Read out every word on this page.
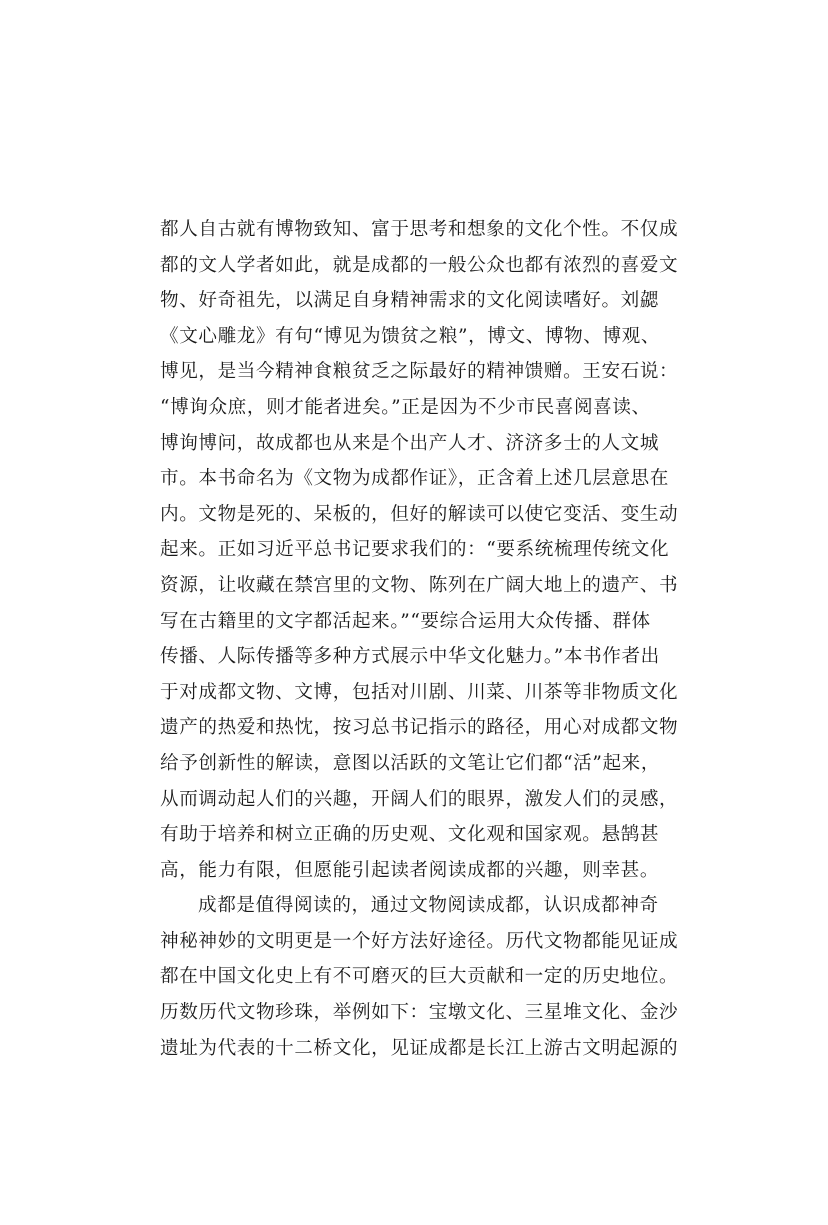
都人自古就有博物致知、富于思考和想象的文化个性。不仅成
都的文人学者如此，就是成都的一般公众也都有浓烈的喜爱文
物、好奇祖先，以满足自身精神需求的文化阅读嗜好。刘勰
《文心雕龙》有句“博见为馈贫之粮”，博文、博物、博观、
博见，是当今精神食粮贫乏之际最好的精神馈赠。王安石说：
“博询众庶，则才能者进矣。”正是因为不少市民喜阅喜读、
博询博问，故成都也从来是个出产人才、济济多士的人文城
市。本书命名为《文物为成都作证》，正含着上述几层意思在
内。文物是死的、呆板的，但好的解读可以使它变活、变生动
起来。正如习近平总书记要求我们的：“要系统梳理传统文化
资源，让收藏在禁宫里的文物、陈列在广阔大地上的遗产、书
写在古籍里的文字都活起来。”“要综合运用大众传播、群体
传播、人际传播等多种方式展示中华文化魅力。”本书作者出
于对成都文物、文博，包括对川剧、川菜、川茶等非物质文化
遗产的热爱和热忱，按习总书记指示的路径，用心对成都文物
给予创新性的解读，意图以活跃的文笔让它们都“活”起来，
从而调动起人们的兴趣，开阔人们的眼界，激发人们的灵感，
有助于培养和树立正确的历史观、文化观和国家观。悬鹄甚
高，能力有限，但愿能引起读者阅读成都的兴趣，则幸甚。
成都是值得阅读的，通过文物阅读成都，认识成都神奇
神秘神妙的文明更是一个好方法好途径。历代文物都能见证成
都在中国文化史上有不可磨灭的巨大贡献和一定的历史地位。
历数历代文物珍珠，举例如下：宝墩文化、三星堆文化、金沙
遗址为代表的十二桥文化，见证成都是长江上游古文明起源的
